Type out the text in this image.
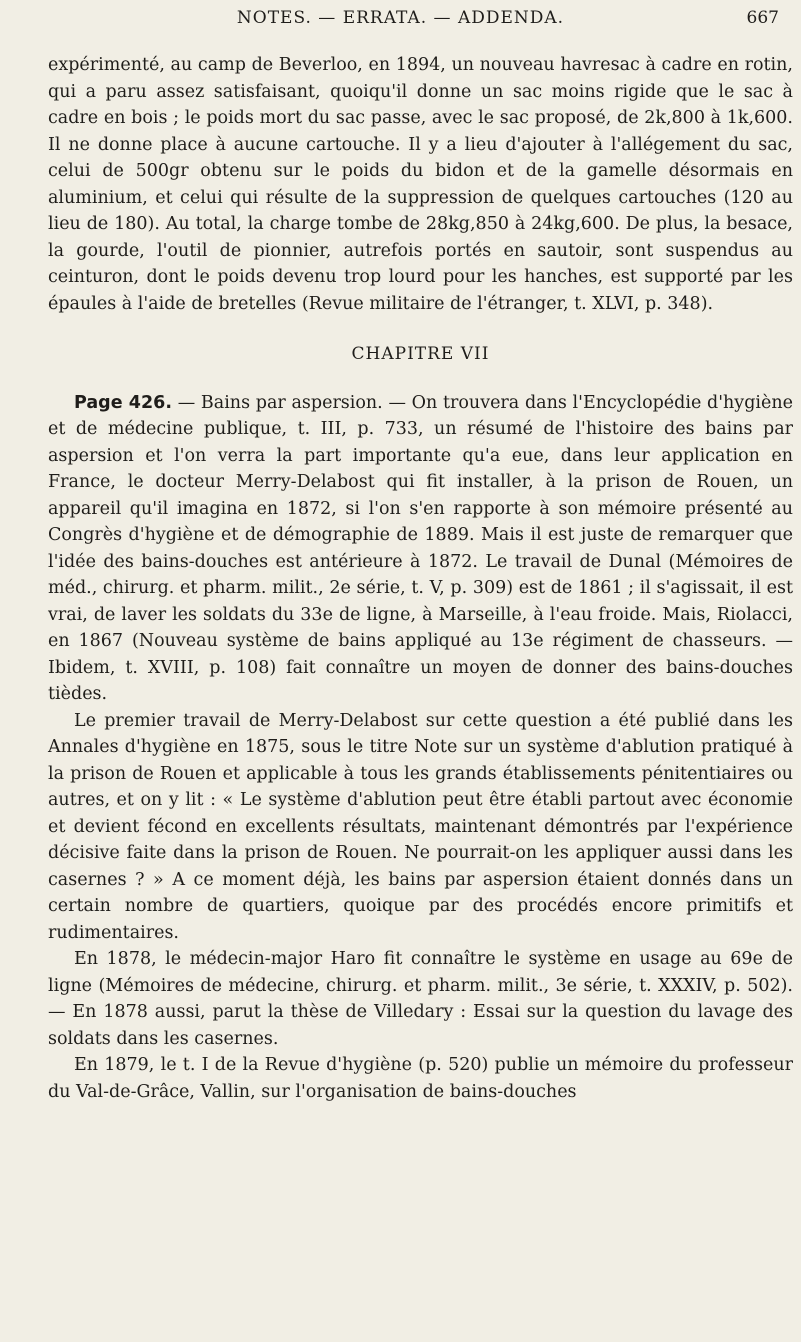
NOTES. — ERRATA. — ADDENDA.	667

expérimenté, au camp de Beverloo, en 1894, un nouveau havresac à cadre en rotin, qui a paru assez satisfaisant, quoiqu'il donne un sac moins rigide que le sac à cadre en bois ; le poids mort du sac passe, avec le sac proposé, de 2k,800 à 1k,600. Il ne donne place à aucune cartouche. Il y a lieu d'ajouter à l'allégement du sac, celui de 500gr obtenu sur le poids du bidon et de la gamelle désormais en aluminium, et celui qui résulte de la suppression de quelques cartouches (120 au lieu de 180). Au total, la charge tombe de 28kg,850 à 24kg,600. De plus, la besace, la gourde, l'outil de pionnier, autrefois portés en sautoir, sont suspendus au ceinturon, dont le poids devenu trop lourd pour les hanches, est supporté par les épaules à l'aide de bretelles (Revue militaire de l'étranger, t. XLVI, p. 348).

CHAPITRE VII

Page 426. — Bains par aspersion. — On trouvera dans l'Encyclopédie d'hygiène et de médecine publique, t. III, p. 733, un résumé de l'histoire des bains par aspersion et l'on verra la part importante qu'a eue, dans leur application en France, le docteur Merry-Delabost qui fit installer, à la prison de Rouen, un appareil qu'il imagina en 1872, si l'on s'en rapporte à son mémoire présenté au Congrès d'hygiène et de démographie de 1889. Mais il est juste de remarquer que l'idée des bains-douches est antérieure à 1872. Le travail de Dunal (Mémoires de méd., chirurg. et pharm. milit., 2e série, t. V, p. 309) est de 1861 ; il s'agissait, il est vrai, de laver les soldats du 33e de ligne, à Marseille, à l'eau froide. Mais, Riolacci, en 1867 (Nouveau système de bains appliqué au 13e régiment de chasseurs. — Ibidem, t. XVIII, p. 108) fait connaître un moyen de donner des bains-douches tièdes.

Le premier travail de Merry-Delabost sur cette question a été publié dans les Annales d'hygiène en 1875, sous le titre Note sur un système d'ablution pratiqué à la prison de Rouen et applicable à tous les grands établissements pénitentiaires ou autres, et on y lit : « Le système d'ablution peut être établi partout avec économie et devient fécond en excellents résultats, maintenant démontrés par l'expérience décisive faite dans la prison de Rouen. Ne pourrait-on les appliquer aussi dans les casernes ? » A ce moment déjà, les bains par aspersion étaient donnés dans un certain nombre de quartiers, quoique par des procédés encore primitifs et rudimentaires.

En 1878, le médecin-major Haro fit connaître le système en usage au 69e de ligne (Mémoires de médecine, chirurg. et pharm. milit., 3e série, t. XXXIV, p. 502). — En 1878 aussi, parut la thèse de Villedary : Essai sur la question du lavage des soldats dans les casernes.

En 1879, le t. I de la Revue d'hygiène (p. 520) publie un mémoire du professeur du Val-de-Grâce, Vallin, sur l'organisation de bains-douches
